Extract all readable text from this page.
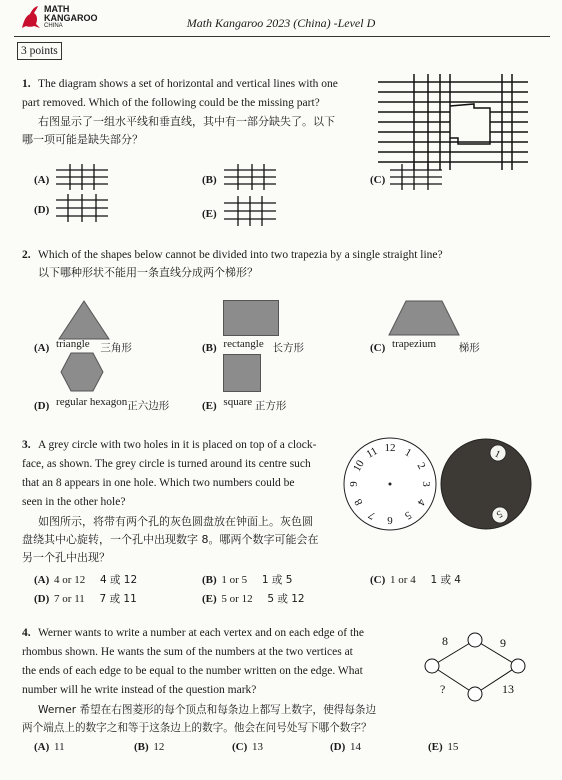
MATH
KANGAROO
CHINA	Math Kangaroo 2023 (China) -Level D
3 points
1. The diagram shows a set of horizontal and vertical lines with one
part removed. Which of the following could be the missing part?
右图显示了一组水平线和垂直线，其中有一部分缺失了。以下
哪一项可能是缺失部分？
(A)	(B)	(C)
(D)	(E)
2. Which of the shapes below cannot be divided into two trapezia by a single straight line?
以下哪种形状不能用一条直线分成两个梯形？
(A) triangle 三角形	(B) rectangle 长方形	(C) trapezium 梯形
(D) regular hexagon正六边形	(E) square 正方形
3. A grey circle with two holes in it is placed on top of a clock-
face, as shown. The grey circle is turned around its centre such
that an 8 appears in one hole. Which two numbers could be
seen in the other hole?
如图所示，将带有两个孔的灰色圆盘放在钟面上。灰色圆
盘绕其中心旋转，一个孔中出现数字 8。哪两个数字可能会在
另一个孔中出现？
12 1
2
3
4
5
6
7
8
9
10
11	1
5
(A) 4 or 12 4 或 12	(B) 1 or 5 1 或 5	(C) 1 or 4 1 或 4
(D) 7 or 11 7 或 11	(E) 5 or 12 5 或 12
4. Werner wants to write a number at each vertex and on each edge of the
rhombus shown. He wants the sum of the numbers at the two vertices at
the ends of each edge to be equal to the number written on the edge. What
number will he write instead of the question mark?
Werner 希望在右图菱形的每个顶点和每条边上都写上数字，使得每条边
两个端点上的数字之和等于这条边上的数字。他会在问号处写下哪个数字？
8	9
?	13
(A) 11	(B) 12	(C) 13	(D) 14	(E) 15
